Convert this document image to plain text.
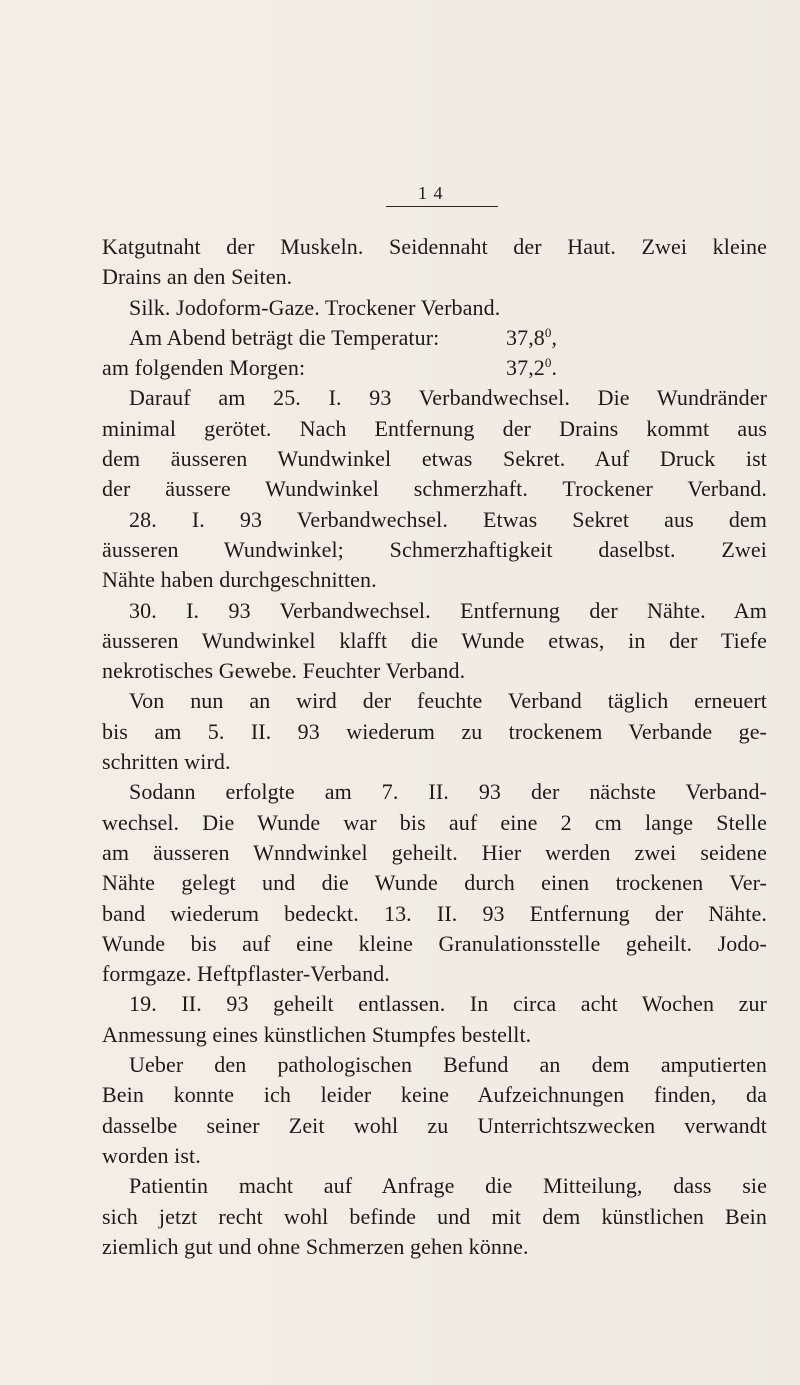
1 4
Katgutnaht der Muskeln. Seidennaht der Haut. Zwei kleine
Drains an den Seiten.
Silk. Jodoform-Gaze. Trockener Verband.
Am Abend beträgt die Temperatur:	37,8$^0$,
am folgenden Morgen:	37,2$^0$.
Darauf am 25. I. 93 Verbandwechsel. Die Wundränder
minimal gerötet. Nach Entfernung der Drains kommt aus
dem äusseren Wundwinkel etwas Sekret. Auf Druck ist
der äussere Wundwinkel schmerzhaft. Trockener Verband.
28. I. 93 Verbandwechsel. Etwas Sekret aus dem
äusseren Wundwinkel; Schmerzhaftigkeit daselbst. Zwei
Nähte haben durchgeschnitten.
30. I. 93 Verbandwechsel. Entfernung der Nähte. Am
äusseren Wundwinkel klafft die Wunde etwas, in der Tiefe
nekrotisches Gewebe. Feuchter Verband.
Von nun an wird der feuchte Verband täglich erneuert
bis am 5. II. 93 wiederum zu trockenem Verbande ge-
schritten wird.
Sodann erfolgte am 7. II. 93 der nächste Verband-
wechsel. Die Wunde war bis auf eine 2 cm lange Stelle
am äusseren Wnndwinkel geheilt. Hier werden zwei seidene
Nähte gelegt und die Wunde durch einen trockenen Ver-
band wiederum bedeckt. 13. II. 93 Entfernung der Nähte.
Wunde bis auf eine kleine Granulationsstelle geheilt. Jodo-
formgaze. Heftpflaster-Verband.
19. II. 93 geheilt entlassen. In circa acht Wochen zur
Anmessung eines künstlichen Stumpfes bestellt.
Ueber den pathologischen Befund an dem amputierten
Bein konnte ich leider keine Aufzeichnungen finden, da
dasselbe seiner Zeit wohl zu Unterrichtszwecken verwandt
worden ist.
Patientin macht auf Anfrage die Mitteilung, dass sie
sich jetzt recht wohl befinde und mit dem künstlichen Bein
ziemlich gut und ohne Schmerzen gehen könne.
